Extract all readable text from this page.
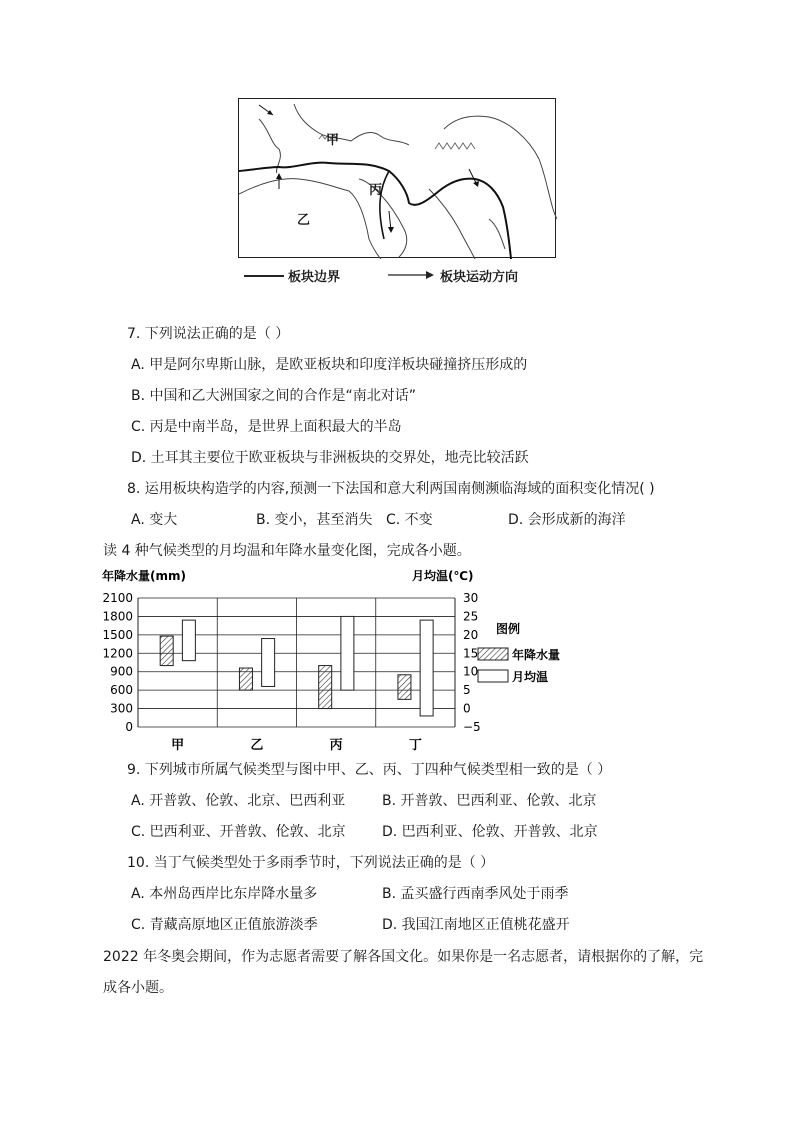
甲
乙
丙
板块边界	板块运动方向
7. 下列说法正确的是（ ）
A. 甲是阿尔卑斯山脉，是欧亚板块和印度洋板块碰撞挤压形成的
B. 中国和乙大洲国家之间的合作是“南北对话”
C. 丙是中南半岛，是世界上面积最大的半岛
D. 土耳其主要位于欧亚板块与非洲板块的交界处，地壳比较活跃
8. 运用板块构造学的内容,预测一下法国和意大利两国南侧濒临海域的面积变化情况( )
A. 变大	B. 变小，甚至消失 C. 不变	D. 会形成新的海洋
读 4 种气候类型的月均温和年降水量变化图，完成各小题。
年降水量(mm)	月均温(℃)
2100
1800
1500
1200
900
600
300
0
30
25
20
15
10
5
0
−5
甲	乙	丙	丁
图例
年降水量
月均温
9. 下列城市所属气候类型与图中甲、乙、丙、丁四种气候类型相一致的是（ ）
A. 开普敦、伦敦、北京、巴西利亚	B. 开普敦、巴西利亚、伦敦、北京
C. 巴西利亚、开普敦、伦敦、北京	D. 巴西利亚、伦敦、开普敦、北京
10. 当丁气候类型处于多雨季节时，下列说法正确的是（ ）
A. 本州岛西岸比东岸降水量多	B. 孟买盛行西南季风处于雨季
C. 青藏高原地区正值旅游淡季	D. 我国江南地区正值桃花盛开
2022 年冬奥会期间，作为志愿者需要了解各国文化。如果你是一名志愿者，请根据你的了解，完
成各小题。
